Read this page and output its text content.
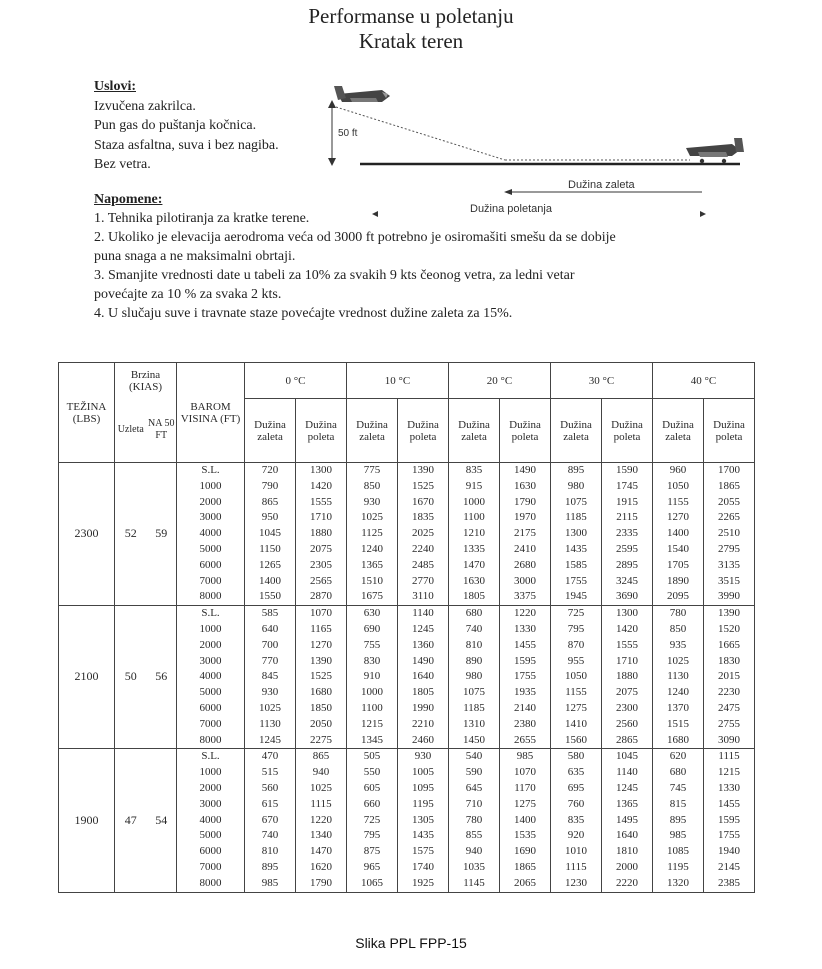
Performanse u poletanju
Kratak teren
Uslovi:
Izvučena zakrilca.
Pun gas do puštanja kočnica.
Staza asfaltna, suva i bez nagiba.
Bez vetra.
50 ft
Dužina zaleta
Dužina poletanja
Napomene:
1. Tehnika pilotiranja za kratke terene.
2. Ukoliko je elevacija aerodroma veća od 3000 ft potrebno je osiromašiti smešu da se dobije
puna snaga a ne maksimalni obrtaji.
3. Smanjite vrednosti date u tabeli za 10% za svakih 9 kts čeonog vetra, za ledni vetar
povećajte za 10 % za svaka 2 kts.
4. U slučaju suve i travnate staze povećajte vrednost dužine zaleta za 15%.
TEŽINA (LBS)	Brzina (KIAS)		BAROM VISINA (FT)	0 °C		10 °C		20 °C		30 °C		40 °C	
	Uzleta	NA 50 FT		Dužina zaleta	Dužina poleta	Dužina zaleta	Dužina poleta	Dužina zaleta	Dužina poleta	Dužina zaleta	Dužina poleta	Dužina zaleta	Dužina poleta
2300	52	59	S.L.	720	1300	775	1390	835	1490	895	1590	960	1700
			1000	790	1420	850	1525	915	1630	980	1745	1050	1865
			2000	865	1555	930	1670	1000	1790	1075	1915	1155	2055
			3000	950	1710	1025	1835	1100	1970	1185	2115	1270	2265
			4000	1045	1880	1125	2025	1210	2175	1300	2335	1400	2510
			5000	1150	2075	1240	2240	1335	2410	1435	2595	1540	2795
			6000	1265	2305	1365	2485	1470	2680	1585	2895	1705	3135
			7000	1400	2565	1510	2770	1630	3000	1755	3245	1890	3515
			8000	1550	2870	1675	3110	1805	3375	1945	3690	2095	3990
2100	50	56	S.L.	585	1070	630	1140	680	1220	725	1300	780	1390
			1000	640	1165	690	1245	740	1330	795	1420	850	1520
			2000	700	1270	755	1360	810	1455	870	1555	935	1665
			3000	770	1390	830	1490	890	1595	955	1710	1025	1830
			4000	845	1525	910	1640	980	1755	1050	1880	1130	2015
			5000	930	1680	1000	1805	1075	1935	1155	2075	1240	2230
			6000	1025	1850	1100	1990	1185	2140	1275	2300	1370	2475
			7000	1130	2050	1215	2210	1310	2380	1410	2560	1515	2755
			8000	1245	2275	1345	2460	1450	2655	1560	2865	1680	3090
1900	47	54	S.L.	470	865	505	930	540	985	580	1045	620	1115
			1000	515	940	550	1005	590	1070	635	1140	680	1215
			2000	560	1025	605	1095	645	1170	695	1245	745	1330
			3000	615	1115	660	1195	710	1275	760	1365	815	1455
			4000	670	1220	725	1305	780	1400	835	1495	895	1595
			5000	740	1340	795	1435	855	1535	920	1640	985	1755
			6000	810	1470	875	1575	940	1690	1010	1810	1085	1940
			7000	895	1620	965	1740	1035	1865	1115	2000	1195	2145
			8000	985	1790	1065	1925	1145	2065	1230	2220	1320	2385
Slika PPL FPP-15
